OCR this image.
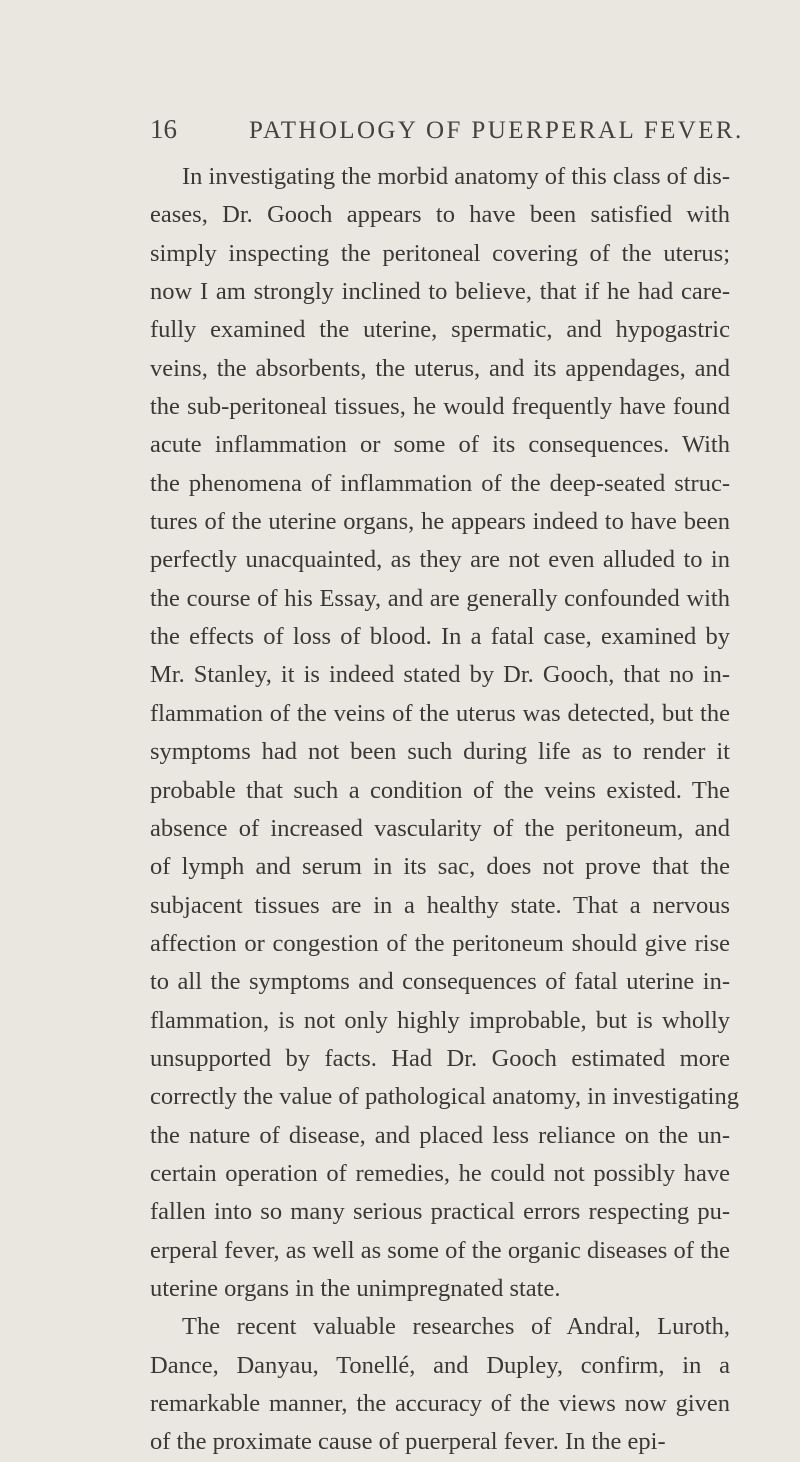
16	PATHOLOGY OF PUERPERAL FEVER.
In investigating the morbid anatomy of this class of dis-
eases, Dr. Gooch appears to have been satisfied with
simply inspecting the peritoneal covering of the uterus;
now I am strongly inclined to believe, that if he had care-
fully examined the uterine, spermatic, and hypogastric
veins, the absorbents, the uterus, and its appendages, and
the sub-peritoneal tissues, he would frequently have found
acute inflammation or some of its consequences. With
the phenomena of inflammation of the deep-seated struc-
tures of the uterine organs, he appears indeed to have been
perfectly unacquainted, as they are not even alluded to in
the course of his Essay, and are generally confounded with
the effects of loss of blood. In a fatal case, examined by
Mr. Stanley, it is indeed stated by Dr. Gooch, that no in-
flammation of the veins of the uterus was detected, but the
symptoms had not been such during life as to render it
probable that such a condition of the veins existed. The
absence of increased vascularity of the peritoneum, and
of lymph and serum in its sac, does not prove that the
subjacent tissues are in a healthy state. That a nervous
affection or congestion of the peritoneum should give rise
to all the symptoms and consequences of fatal uterine in-
flammation, is not only highly improbable, but is wholly
unsupported by facts. Had Dr. Gooch estimated more
correctly the value of pathological anatomy, in investigating
the nature of disease, and placed less reliance on the un-
certain operation of remedies, he could not possibly have
fallen into so many serious practical errors respecting pu-
erperal fever, as well as some of the organic diseases of the
uterine organs in the unimpregnated state.
The recent valuable researches of Andral, Luroth,
Dance, Danyau, Tonellé, and Dupley, confirm, in a
remarkable manner, the accuracy of the views now given
of the proximate cause of puerperal fever. In the epi-
